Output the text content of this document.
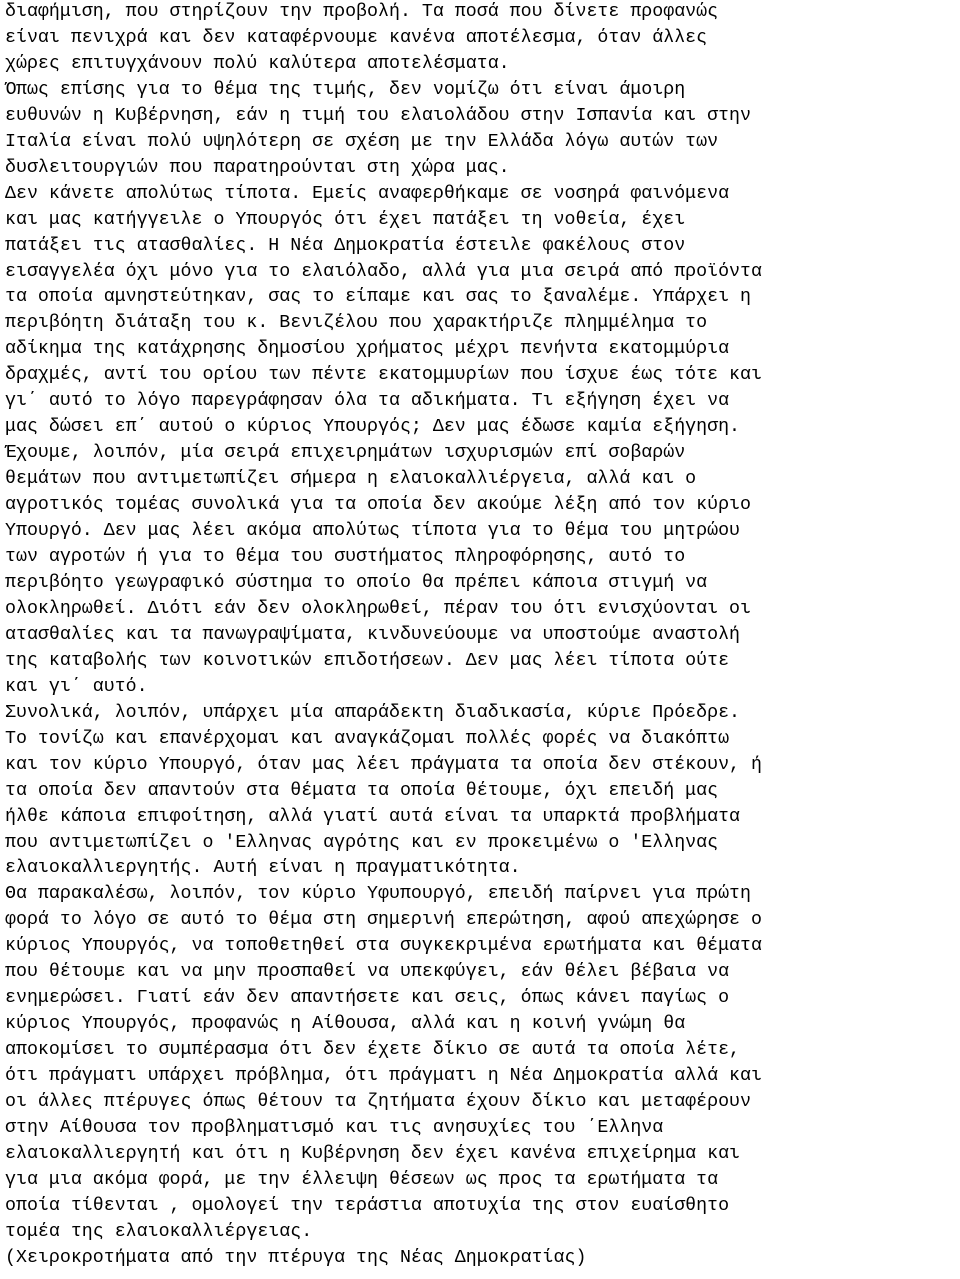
διαφήμιση, που στηρίζουν την προβολή. Τα ποσά που δίνετε προφανώς
είναι πενιχρά και δεν καταφέρνουμε κανένα αποτέλεσμα, όταν άλλες
χώρες επιτυγχάνουν πολύ καλύτερα αποτελέσματα.
Όπως επίσης για το θέμα της τιμής, δεν νομίζω ότι είναι άμοιρη
ευθυνών η Κυβέρνηση, εάν η τιμή του ελαιολάδου στην Ισπανία και στην
Ιταλία είναι πολύ υψηλότερη σε σχέση με την Ελλάδα λόγω αυτών των
δυσλειτουργιών που παρατηρούνται στη χώρα μας.
Δεν κάνετε απολύτως τίποτα. Εμείς αναφερθήκαμε σε νοσηρά φαινόμενα
και μας κατήγγειλε ο Υπουργός ότι έχει πατάξει τη νοθεία, έχει
πατάξει τις ατασθαλίες. Η Νέα Δημοκρατία έστειλε φακέλους στον
εισαγγελέα όχι μόνο για το ελαιόλαδο, αλλά για μια σειρά από προϊόντα
τα οποία αμνηστεύτηκαν, σας το είπαμε και σας το ξαναλέμε. Υπάρχει η
περιβόητη διάταξη του κ. Βενιζέλου που χαρακτήριζε πλημμέλημα το
αδίκημα της κατάχρησης δημοσίου χρήματος μέχρι πενήντα εκατομμύρια
δραχμές, αντί του ορίου των πέντε εκατομμυρίων που ίσχυε έως τότε και
γι΄ αυτό το λόγο παρεγράφησαν όλα τα αδικήματα. Τι εξήγηση έχει να
μας δώσει επ΄ αυτού ο κύριος Υπουργός; Δεν μας έδωσε καμία εξήγηση.
Έχουμε, λοιπόν, μία σειρά επιχειρημάτων ισχυρισμών επί σοβαρών
θεμάτων που αντιμετωπίζει σήμερα η ελαιοκαλλιέργεια, αλλά και ο
αγροτικός τομέας συνολικά για τα οποία δεν ακούμε λέξη από τον κύριο
Υπουργό. Δεν μας λέει ακόμα απολύτως τίποτα για το θέμα του μητρώου
των αγροτών ή για το θέμα του συστήματος πληροφόρησης, αυτό το
περιβόητο γεωγραφικό σύστημα το οποίο θα πρέπει κάποια στιγμή να
ολοκληρωθεί. Διότι εάν δεν ολοκληρωθεί, πέραν του ότι ενισχύονται οι
ατασθαλίες και τα πανωγραψίματα, κινδυνεύουμε να υποστούμε αναστολή
της καταβολής των κοινοτικών επιδοτήσεων. Δεν μας λέει τίποτα ούτε
και γι΄ αυτό.
Συνολικά, λοιπόν, υπάρχει μία απαράδεκτη διαδικασία, κύριε Πρόεδρε.
Το τονίζω και επανέρχομαι και αναγκάζομαι πολλές φορές να διακόπτω
και τον κύριο Υπουργό, όταν μας λέει πράγματα τα οποία δεν στέκουν, ή
τα οποία δεν απαντούν στα θέματα τα οποία θέτουμε, όχι επειδή μας
ήλθε κάποια επιφοίτηση, αλλά γιατί αυτά είναι τα υπαρκτά προβλήματα
που αντιμετωπίζει ο 'Ελληνας αγρότης και εν προκειμένω ο 'Ελληνας
ελαιοκαλλιεργητής. Αυτή είναι η πραγματικότητα.
Θα παρακαλέσω, λοιπόν, τον κύριο Υφυπουργό, επειδή παίρνει για πρώτη
φορά το λόγο σε αυτό το θέμα στη σημερινή επερώτηση, αφού απεχώρησε ο
κύριος Υπουργός, να τοποθετηθεί στα συγκεκριμένα ερωτήματα και θέματα
που θέτουμε και να μην προσπαθεί να υπεκφύγει, εάν θέλει βέβαια να
ενημερώσει. Γιατί εάν δεν απαντήσετε και σεις, όπως κάνει παγίως ο
κύριος Υπουργός, προφανώς η Αίθουσα, αλλά και η κοινή γνώμη θα
αποκομίσει το συμπέρασμα ότι δεν έχετε δίκιο σε αυτά τα οποία λέτε,
ότι πράγματι υπάρχει πρόβλημα, ότι πράγματι η Νέα Δημοκρατία αλλά και
οι άλλες πτέρυγες όπως θέτουν τα ζητήματα έχουν δίκιο και μεταφέρουν
στην Αίθουσα τον προβληματισμό και τις ανησυχίες του ΄Ελληνα
ελαιοκαλλιεργητή και ότι η Κυβέρνηση δεν έχει κανένα επιχείρημα και
για μια ακόμα φορά, με την έλλειψη θέσεων ως προς τα ερωτήματα τα
οποία τίθενται , ομολογεί την τεράστια αποτυχία της στον ευαίσθητο
τομέα της ελαιοκαλλιέργειας.
(Χειροκροτήματα από την πτέρυγα της Νέας Δημοκρατίας)
